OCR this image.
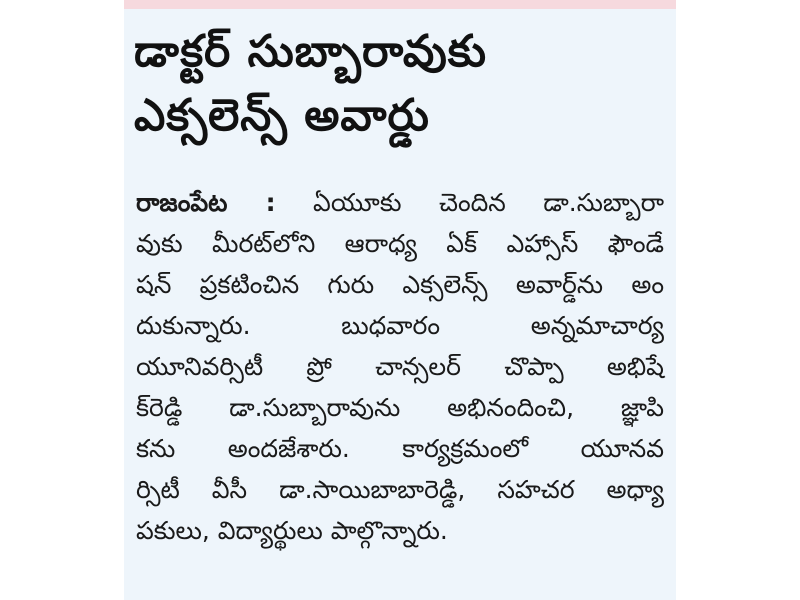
డాక్టర్ సుబ్బారావుకు
ఎక్సలెన్స్ అవార్డు
రాజంపేట : ఏయూకు చెందిన డా.సుబ్బారా
వుకు మీరట్‌లోని ఆరాధ్య ఏక్ ఎహ్సాస్ ఫౌండే
షన్ ప్రకటించిన గురు ఎక్సలెన్స్ అవార్డ్‌ను అం
దుకున్నారు. బుధవారం అన్నమాచార్య
యూనివర్సిటీ ప్రో చాన్సలర్ చొప్పా అభిషే
క్‌రెడ్డి డా.సుబ్బారావును అభినందించి, జ్ఞాపి
కను అందజేశారు. కార్యక్రమంలో యూనవ
ర్సిటీ వీసీ డా.సాయిబాబారెడ్డి, సహచర అధ్యా
పకులు, విద్యార్థులు పాల్గొన్నారు.
